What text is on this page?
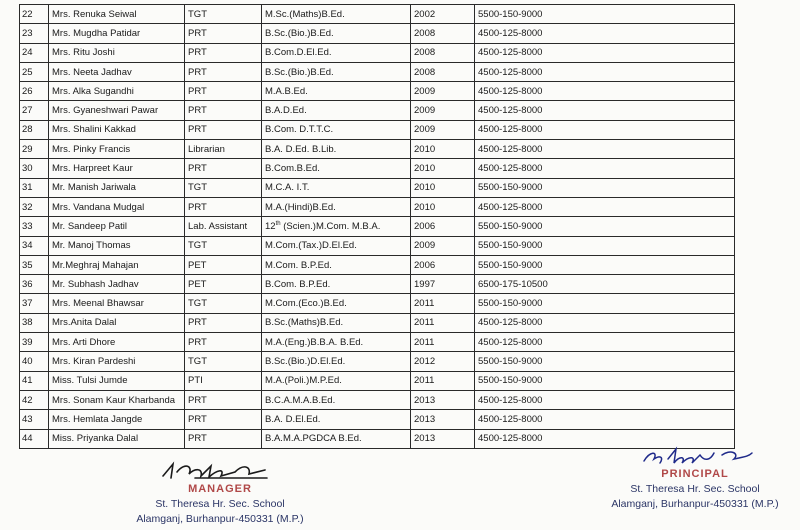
22	Mrs. Renuka Seiwal	TGT	M.Sc.(Maths)B.Ed.	2002	5500-150-9000
23	Mrs. Mugdha Patidar	PRT	B.Sc.(Bio.)B.Ed.	2008	4500-125-8000
24	Mrs. Ritu Joshi	PRT	B.Com.D.El.Ed.	2008	4500-125-8000
25	Mrs. Neeta Jadhav	PRT	B.Sc.(Bio.)B.Ed.	2008	4500-125-8000
26	Mrs. Alka Sugandhi	PRT	M.A.B.Ed.	2009	4500-125-8000
27	Mrs. Gyaneshwari Pawar	PRT	B.A.D.Ed.	2009	4500-125-8000
28	Mrs. Shalini Kakkad	PRT	B.Com. D.T.T.C.	2009	4500-125-8000
29	Mrs. Pinky Francis	Librarian	B.A. D.Ed. B.Lib.	2010	4500-125-8000
30	Mrs. Harpreet Kaur	PRT	B.Com.B.Ed.	2010	4500-125-8000
31	Mr. Manish Jariwala	TGT	M.C.A. I.T.	2010	5500-150-9000
32	Mrs. Vandana Mudgal	PRT	M.A.(Hindi)B.Ed.	2010	4500-125-8000
33	Mr. Sandeep Patil	Lab. Assistant	12th (Scien.)M.Com. M.B.A.	2006	5500-150-9000
34	Mr. Manoj Thomas	TGT	M.Com.(Tax.)D.El.Ed.	2009	5500-150-9000
35	Mr.Meghraj Mahajan	PET	M.Com. B.P.Ed.	2006	5500-150-9000
36	Mr. Subhash Jadhav	PET	B.Com. B.P.Ed.	1997	6500-175-10500
37	Mrs. Meenal Bhawsar	TGT	M.Com.(Eco.)B.Ed.	2011	5500-150-9000
38	Mrs.Anita Dalal	PRT	B.Sc.(Maths)B.Ed.	2011	4500-125-8000
39	Mrs. Arti Dhore	PRT	M.A.(Eng.)B.B.A. B.Ed.	2011	4500-125-8000
40	Mrs. Kiran Pardeshi	TGT	B.Sc.(Bio.)D.El.Ed.	2012	5500-150-9000
41	Miss. Tulsi Jumde	PTI	M.A.(Poli.)M.P.Ed.	2011	5500-150-9000
42	Mrs. Sonam Kaur Kharbanda	PRT	B.C.A.M.A.B.Ed.	2013	4500-125-8000
43	Mrs. Hemlata Jangde	PRT	B.A. D.El.Ed.	2013	4500-125-8000
44	Miss. Priyanka Dalal	PRT	B.A.M.A.PGDCA B.Ed.	2013	4500-125-8000
MANAGER
St. Theresa Hr. Sec. School
Alamganj, Burhanpur-450331 (M.P.)
PRINCIPAL
St. Theresa Hr. Sec. School
Alamganj, Burhanpur-450331 (M.P.)
